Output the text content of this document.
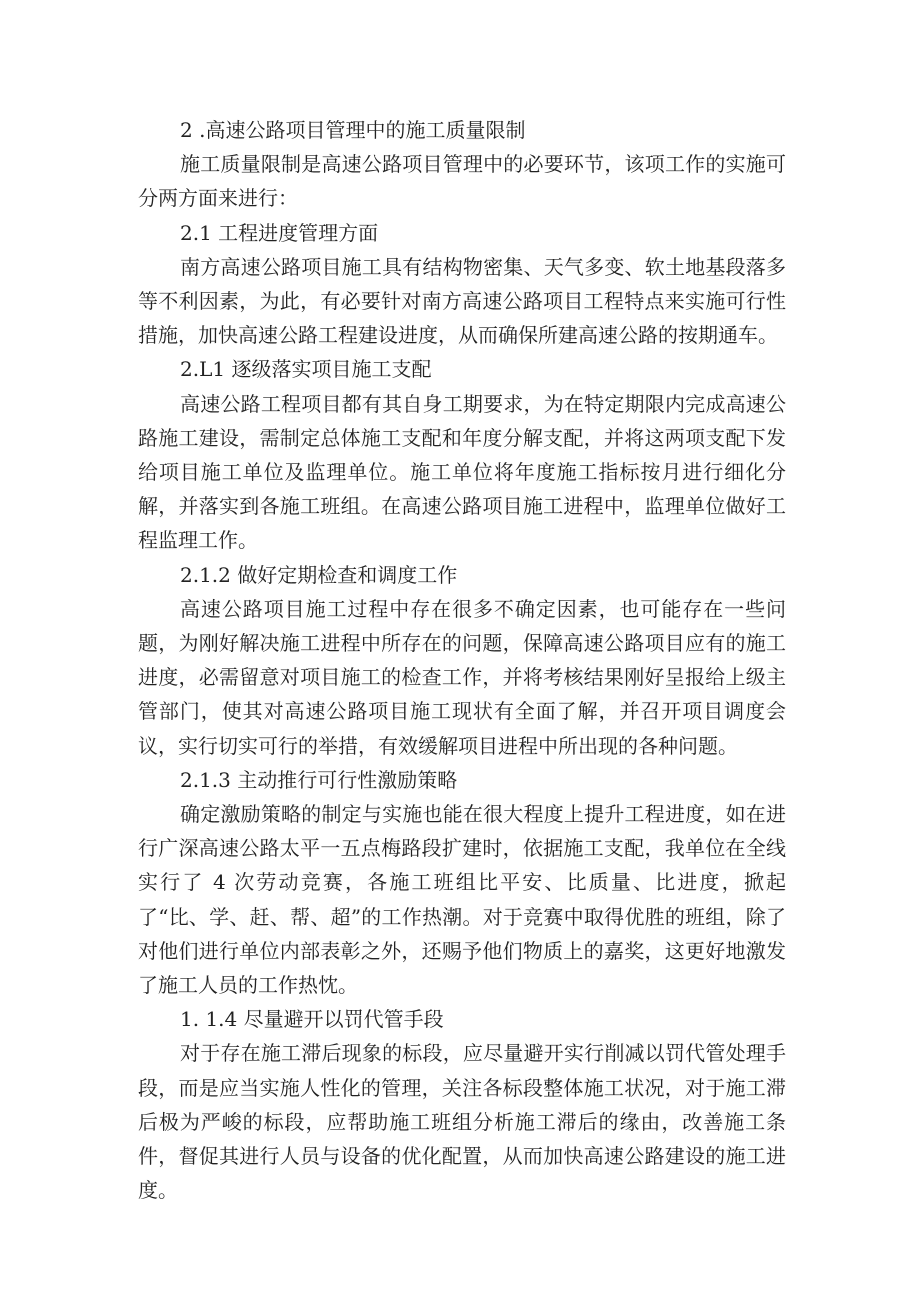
2 .高速公路项目管理中的施工质量限制

施工质量限制是高速公路项目管理中的必要环节，该项工作的实施可分两方面来进行：

2.1 工程进度管理方面

南方高速公路项目施工具有结构物密集、天气多变、软土地基段落多等不利因素，为此，有必要针对南方高速公路项目工程特点来实施可行性措施，加快高速公路工程建设进度，从而确保所建高速公路的按期通车。

2.L1 逐级落实项目施工支配

高速公路工程项目都有其自身工期要求，为在特定期限内完成高速公路施工建设，需制定总体施工支配和年度分解支配，并将这两项支配下发给项目施工单位及监理单位。施工单位将年度施工指标按月进行细化分解，并落实到各施工班组。在高速公路项目施工进程中，监理单位做好工程监理工作。

2.1.2 做好定期检查和调度工作

高速公路项目施工过程中存在很多不确定因素，也可能存在一些问题，为刚好解决施工进程中所存在的问题，保障高速公路项目应有的施工进度，必需留意对项目施工的检查工作，并将考核结果刚好呈报给上级主管部门，使其对高速公路项目施工现状有全面了解，并召开项目调度会议，实行切实可行的举措，有效缓解项目进程中所出现的各种问题。

2.1.3 主动推行可行性激励策略

确定激励策略的制定与实施也能在很大程度上提升工程进度，如在进行广深高速公路太平一五点梅路段扩建时，依据施工支配，我单位在全线实行了 4 次劳动竞赛，各施工班组比平安、比质量、比进度，掀起了“比、学、赶、帮、超”的工作热潮。对于竞赛中取得优胜的班组，除了对他们进行单位内部表彰之外，还赐予他们物质上的嘉奖，这更好地激发了施工人员的工作热忱。

1. 1.4 尽量避开以罚代管手段

对于存在施工滞后现象的标段，应尽量避开实行削减以罚代管处理手段，而是应当实施人性化的管理，关注各标段整体施工状况，对于施工滞后极为严峻的标段，应帮助施工班组分析施工滞后的缘由，改善施工条件，督促其进行人员与设备的优化配置，从而加快高速公路建设的施工进度。
